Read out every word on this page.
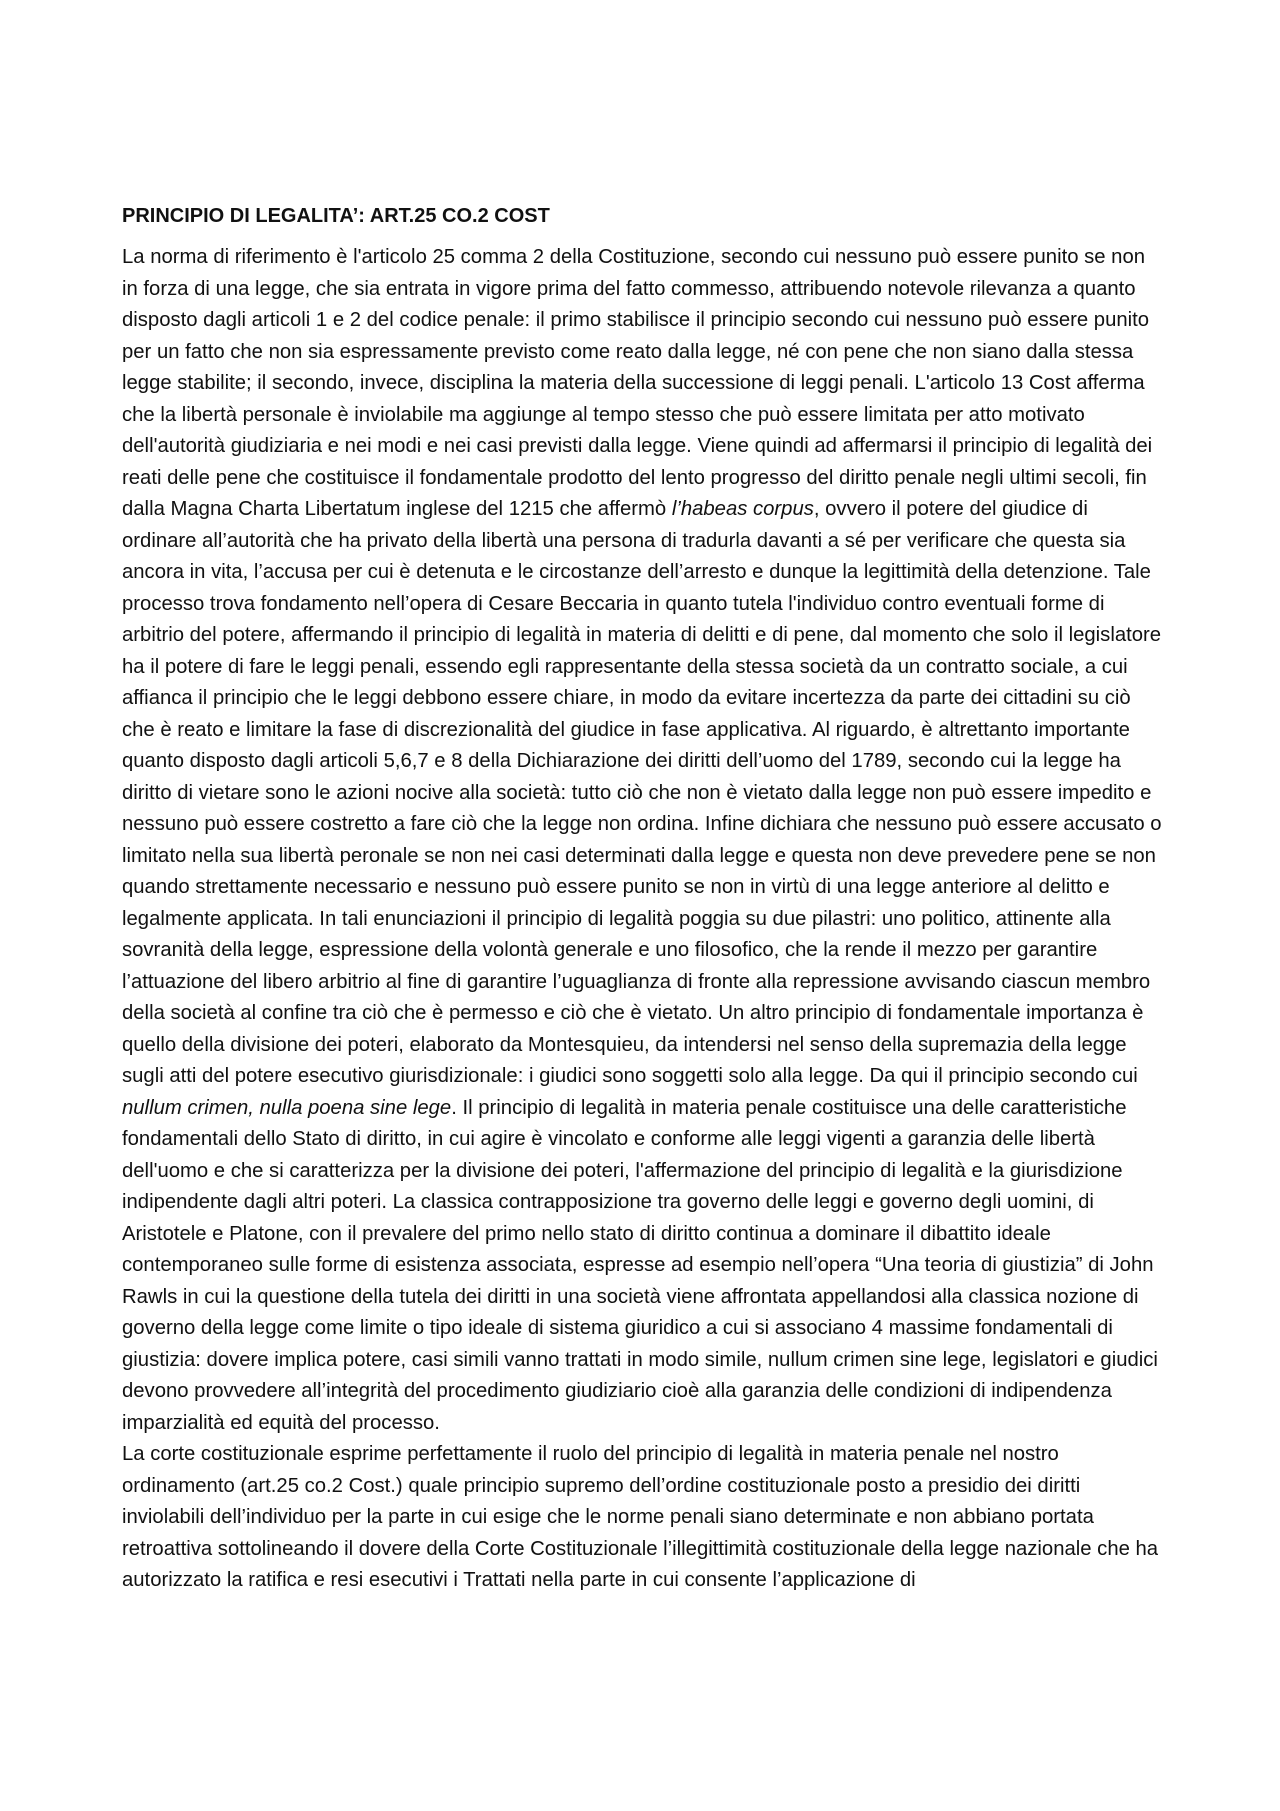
PRINCIPIO DI LEGALITA’: ART.25 CO.2 COST

La norma di riferimento è l'articolo 25 comma 2 della Costituzione, secondo cui nessuno può essere punito se non in forza di una legge, che sia entrata in vigore prima del fatto commesso, attribuendo notevole rilevanza a quanto disposto dagli articoli 1 e 2 del codice penale: il primo stabilisce il principio secondo cui nessuno può essere punito per un fatto che non sia espressamente previsto come reato dalla legge, né con pene che non siano dalla stessa legge stabilite; il secondo, invece, disciplina la materia della successione di leggi penali. L'articolo 13 Cost afferma che la libertà personale è inviolabile ma aggiunge al tempo stesso che può essere limitata per atto motivato dell'autorità giudiziaria e nei modi e nei casi previsti dalla legge. Viene quindi ad affermarsi il principio di legalità dei reati delle pene che costituisce il fondamentale prodotto del lento progresso del diritto penale negli ultimi secoli, fin dalla Magna Charta Libertatum inglese del 1215 che affermò l’habeas corpus, ovvero il potere del giudice di ordinare all’autorità che ha privato della libertà una persona di tradurla davanti a sé per verificare che questa sia ancora in vita, l’accusa per cui è detenuta e le circostanze dell’arresto e dunque la legittimità della detenzione. Tale processo trova fondamento nell’opera di Cesare Beccaria in quanto tutela l'individuo contro eventuali forme di arbitrio del potere, affermando il principio di legalità in materia di delitti e di pene, dal momento che solo il legislatore ha il potere di fare le leggi penali, essendo egli rappresentante della stessa società da un contratto sociale, a cui affianca il principio che le leggi debbono essere chiare, in modo da evitare incertezza da parte dei cittadini su ciò che è reato e limitare la fase di discrezionalità del giudice in fase applicativa. Al riguardo, è altrettanto importante quanto disposto dagli articoli 5,6,7 e 8 della Dichiarazione dei diritti dell’uomo del 1789, secondo cui la legge ha diritto di vietare sono le azioni nocive alla società: tutto ciò che non è vietato dalla legge non può essere impedito e nessuno può essere costretto a fare ciò che la legge non ordina. Infine dichiara che nessuno può essere accusato o limitato nella sua libertà peronale se non nei casi determinati dalla legge e questa non deve prevedere pene se non quando strettamente necessario e nessuno può essere punito se non in virtù di una legge anteriore al delitto e legalmente applicata. In tali enunciazioni il principio di legalità poggia su due pilastri: uno politico, attinente alla sovranità della legge, espressione della volontà generale e uno filosofico, che la rende il mezzo per garantire l’attuazione del libero arbitrio al fine di garantire l’uguaglianza di fronte alla repressione avvisando ciascun membro della società al confine tra ciò che è permesso e ciò che è vietato. Un altro principio di fondamentale importanza è quello della divisione dei poteri, elaborato da Montesquieu, da intendersi nel senso della supremazia della legge sugli atti del potere esecutivo giurisdizionale: i giudici sono soggetti solo alla legge. Da qui il principio secondo cui nullum crimen, nulla poena sine lege. Il principio di legalità in materia penale costituisce una delle caratteristiche fondamentali dello Stato di diritto, in cui agire è vincolato e conforme alle leggi vigenti a garanzia delle libertà dell'uomo e che si caratterizza per la divisione dei poteri, l'affermazione del principio di legalità e la giurisdizione indipendente dagli altri poteri. La classica contrapposizione tra governo delle leggi e governo degli uomini, di Aristotele e Platone, con il prevalere del primo nello stato di diritto continua a dominare il dibattito ideale contemporaneo sulle forme di esistenza associata, espresse ad esempio nell’opera “Una teoria di giustizia” di John Rawls in cui la questione della tutela dei diritti in una società viene affrontata appellandosi alla classica nozione di governo della legge come limite o tipo ideale di sistema giuridico a cui si associano 4 massime fondamentali di giustizia: dovere implica potere, casi simili vanno trattati in modo simile, nullum crimen sine lege, legislatori e giudici devono provvedere all’integrità del procedimento giudiziario cioè alla garanzia delle condizioni di indipendenza imparzialità ed equità del processo.

La corte costituzionale esprime perfettamente il ruolo del principio di legalità in materia penale nel nostro ordinamento (art.25 co.2 Cost.) quale principio supremo dell’ordine costituzionale posto a presidio dei diritti inviolabili dell’individuo per la parte in cui esige che le norme penali siano determinate e non abbiano portata retroattiva sottolineando il dovere della Corte Costituzionale l’illegittimità costituzionale della legge nazionale che ha autorizzato la ratifica e resi esecutivi i Trattati nella parte in cui consente l’applicazione di
